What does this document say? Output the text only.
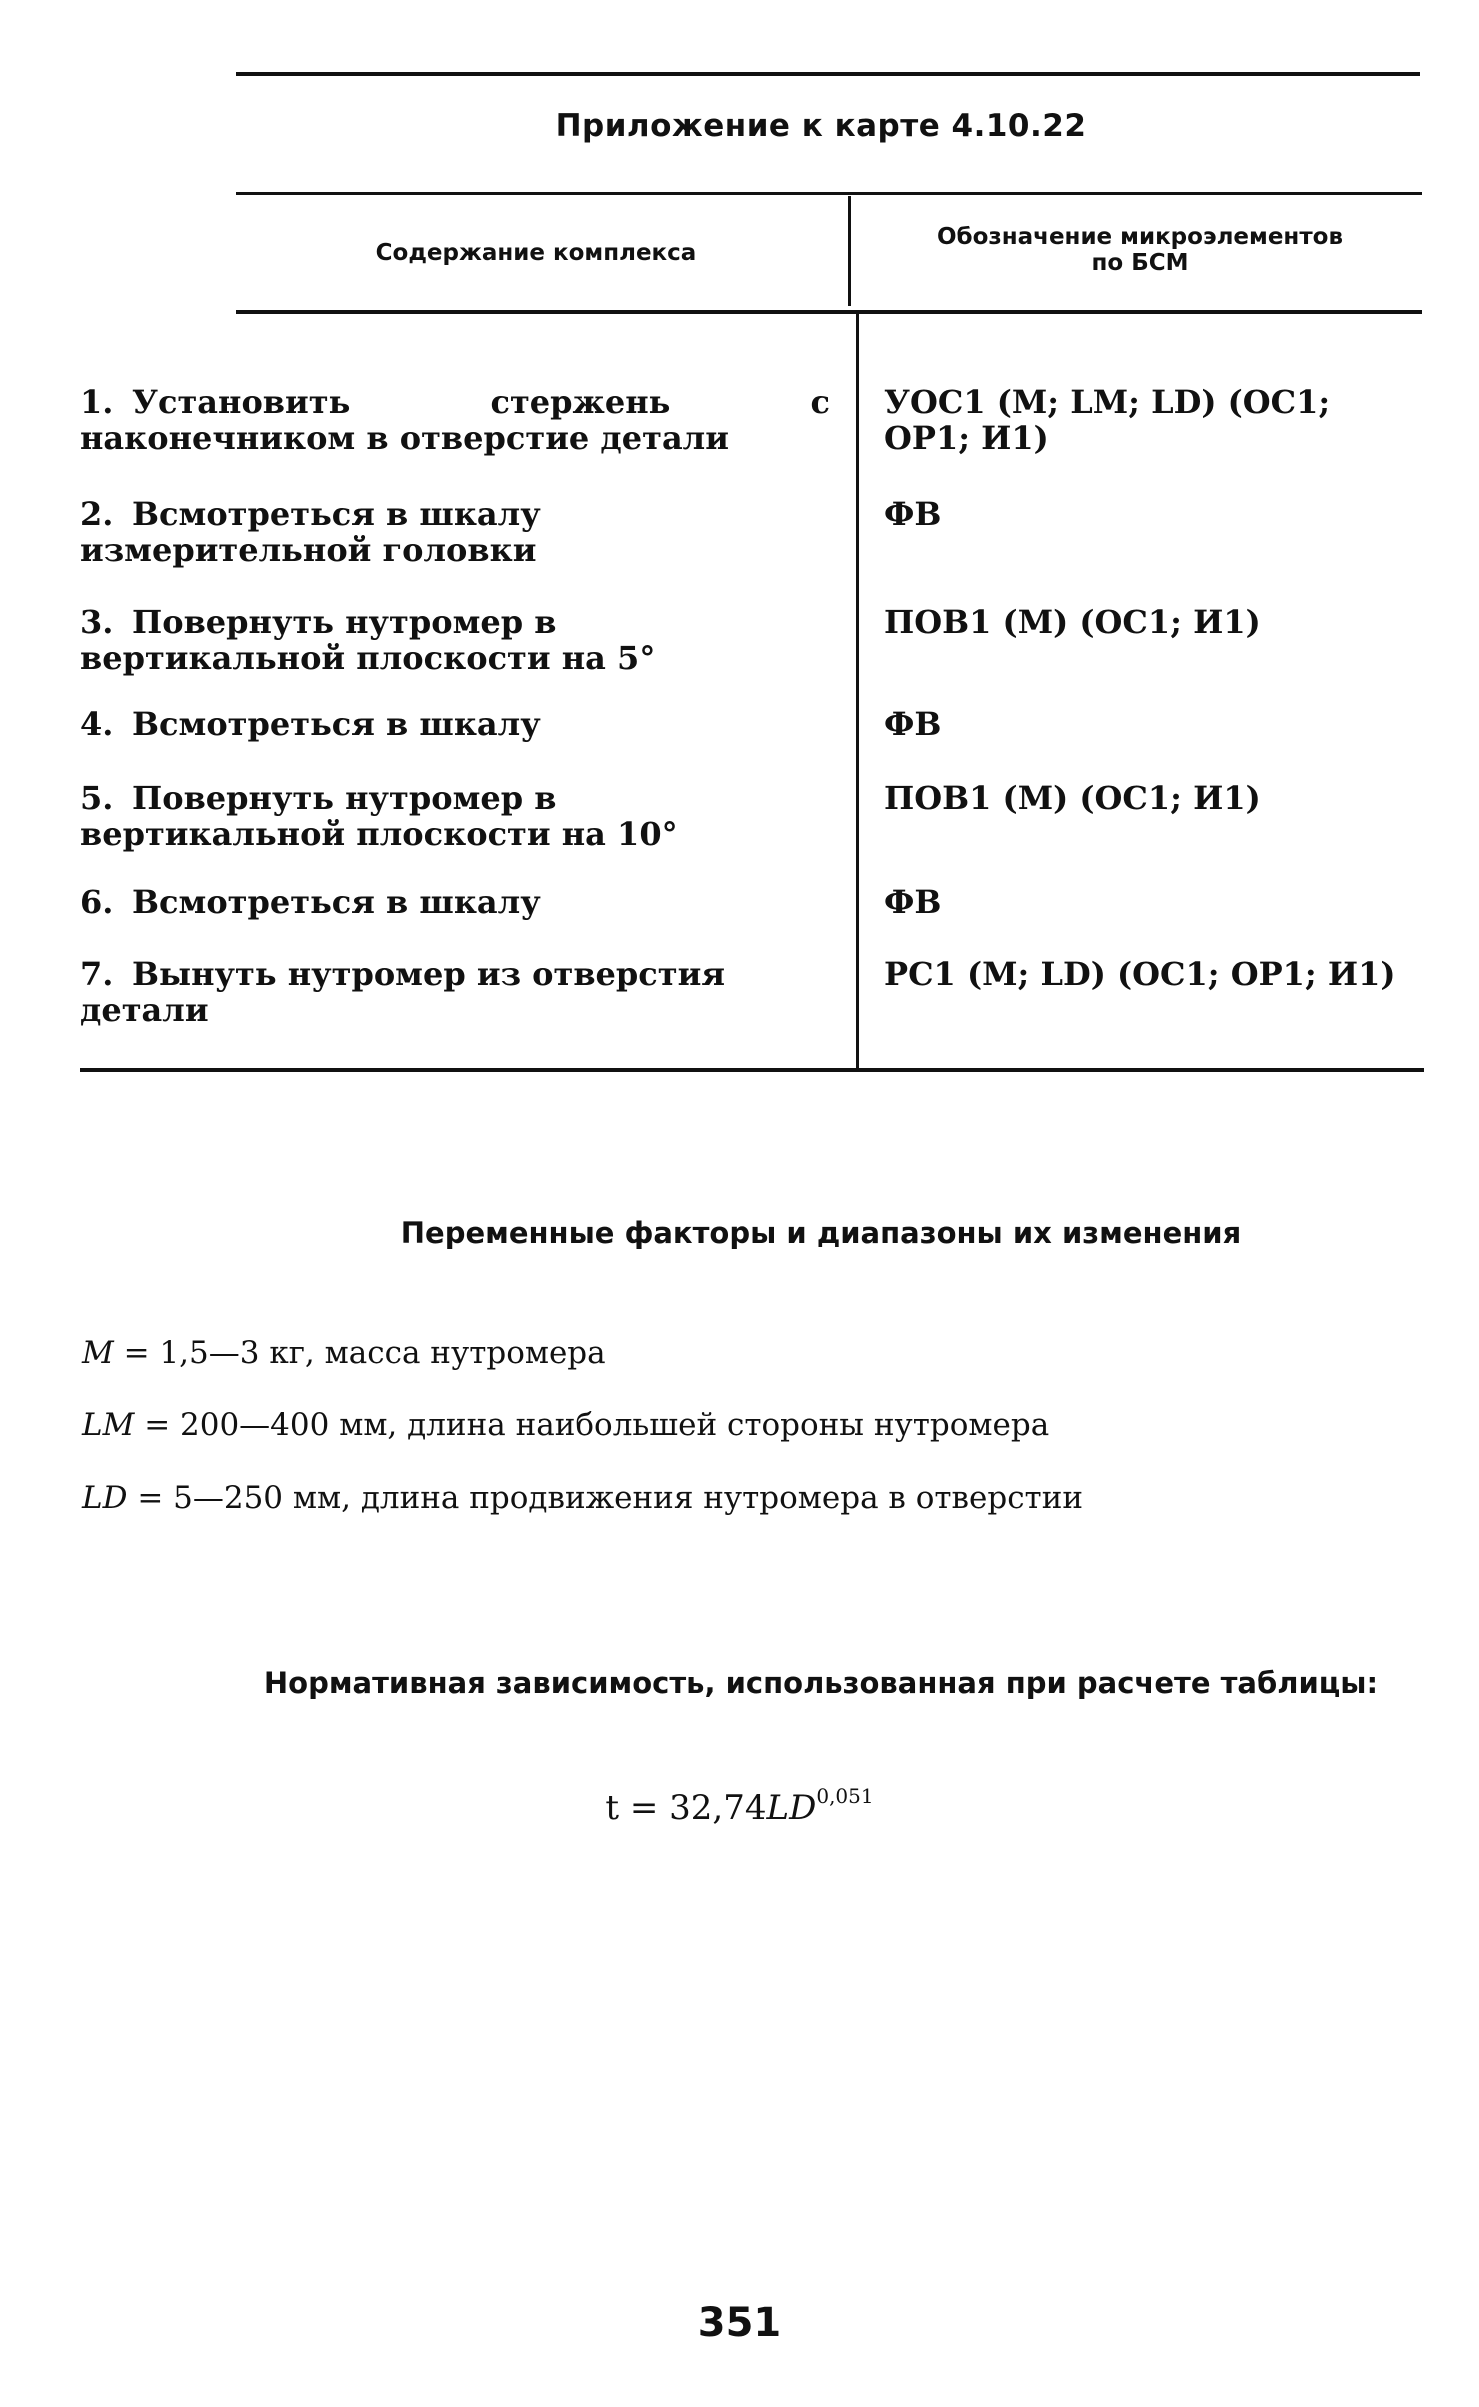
Приложение к карте 4.10.22
Содержание комплекса
Обозначение микроэлементов
по БСМ
1. Установить стержень с наконечником в отверстие детали
УОС1 (M; LM; LD) (ОС1; ОР1; И1)
2. Всмотреться в шкалу измерительной головки
ФВ
3. Повернуть нутромер в вертикальной плоскости на 5°
ПОВ1 (M) (ОС1; И1)
4. Всмотреться в шкалу	ФВ
5. Повернуть нутромер в вертикальной плоскости на 10°
ПОВ1 (M) (ОС1; И1)
6. Всмотреться в шкалу	ФВ
7. Вынуть нутромер из отверстия детали
РС1 (M; LD) (ОС1; ОР1; И1)
Переменные факторы и диапазоны их изменения
M = 1,5—3 кг, масса нутромера
LM = 200—400 мм, длина наибольшей стороны нутромера
LD = 5—250 мм, длина продвижения нутромера в отверстии
Нормативная зависимость, использованная при расчете таблицы:
t = 32,74LD$^{0,051}$
351
